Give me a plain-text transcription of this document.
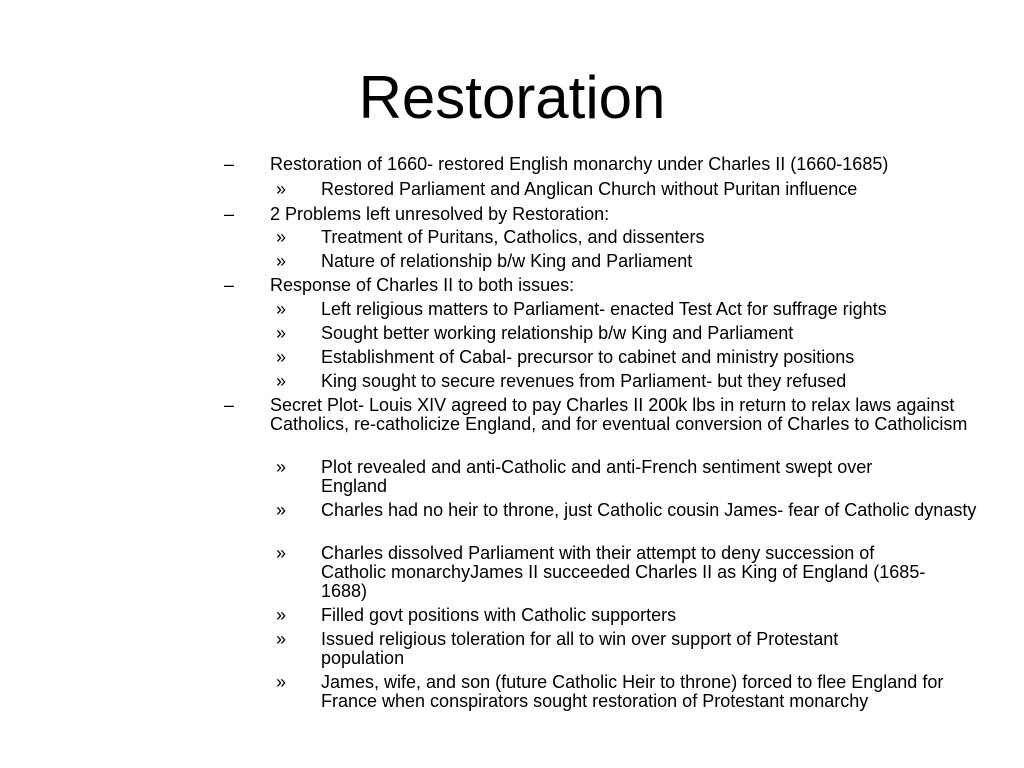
Restoration
– Restoration of 1660- restored English monarchy under Charles II (1660-1685)
» Restored Parliament and Anglican Church without Puritan influence
– 2 Problems left unresolved by Restoration:
» Treatment of Puritans, Catholics, and dissenters
» Nature of relationship b/w King and Parliament
– Response of Charles II to both issues:
» Left religious matters to Parliament- enacted Test Act for suffrage rights
» Sought better working relationship b/w King and Parliament
» Establishment of Cabal- precursor to cabinet and ministry positions
» King sought to secure revenues from Parliament- but they refused
– Secret Plot- Louis XIV agreed to pay Charles II 200k lbs in return to relax laws against Catholics, re-catholicize England, and for eventual conversion of Charles to Catholicism
» Plot revealed and anti-Catholic and anti-French sentiment swept over England
» Charles had no heir to throne, just Catholic cousin James- fear of Catholic dynasty
» Charles dissolved Parliament with their attempt to deny succession of Catholic monarchyJames II succeeded Charles II as King of England (1685-1688)
» Filled govt positions with Catholic supporters
» Issued religious toleration for all to win over support of Protestant population
» James, wife, and son (future Catholic Heir to throne) forced to flee England for France when conspirators sought restoration of Protestant monarchy
